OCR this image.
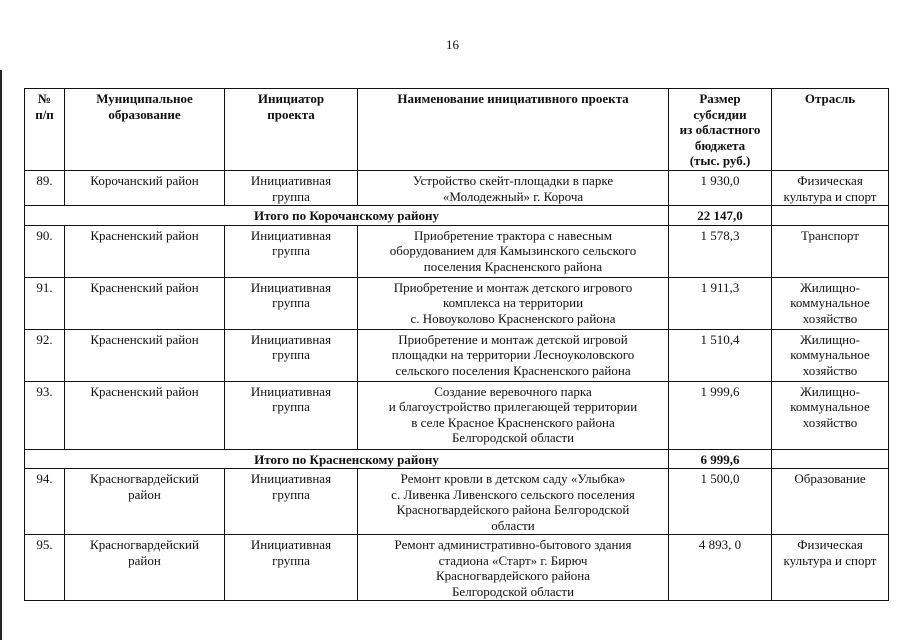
16
№
п/п	Муниципальное
образование	Инициатор
проекта	Наименование инициативного проекта	Размер
субсидии
из областного
бюджета
(тыс. руб.)	Отрасль
89.	Корочанский район	Инициативная
группа	Устройство скейт-площадки в парке
«Молодежный» г. Короча	1 930,0	Физическая
культура и спорт
Итого по Корочанскому району				22 147,0	
90.	Красненский район	Инициативная
группа	Приобретение трактора с навесным
оборудованием для Камызинского сельского
поселения Красненского района	1 578,3	Транспорт
91.	Красненский район	Инициативная
группа	Приобретение и монтаж детского игрового
комплекса на территории
с. Новоуколово Красненского района	1 911,3	Жилищно-
коммунальное
хозяйство
92.	Красненский район	Инициативная
группа	Приобретение и монтаж детской игровой
площадки на территории Лесноуколовского
сельского поселения Красненского района	1 510,4	Жилищно-
коммунальное
хозяйство
93.	Красненский район	Инициативная
группа	Создание веревочного парка
и благоустройство прилегающей территории
в селе Красное Красненского района
Белгородской области	1 999,6	Жилищно-
коммунальное
хозяйство
Итого по Красненскому району				6 999,6	
94.	Красногвардейский
район	Инициативная
группа	Ремонт кровли в детском саду «Улыбка»
с. Ливенка Ливенского сельского поселения
Красногвардейского района Белгородской
области	1 500,0	Образование
95.	Красногвардейский
район	Инициативная
группа	Ремонт административно-бытового здания
стадиона «Старт» г. Бирюч
Красногвардейского района
Белгородской области	4 893, 0	Физическая
культура и спорт
